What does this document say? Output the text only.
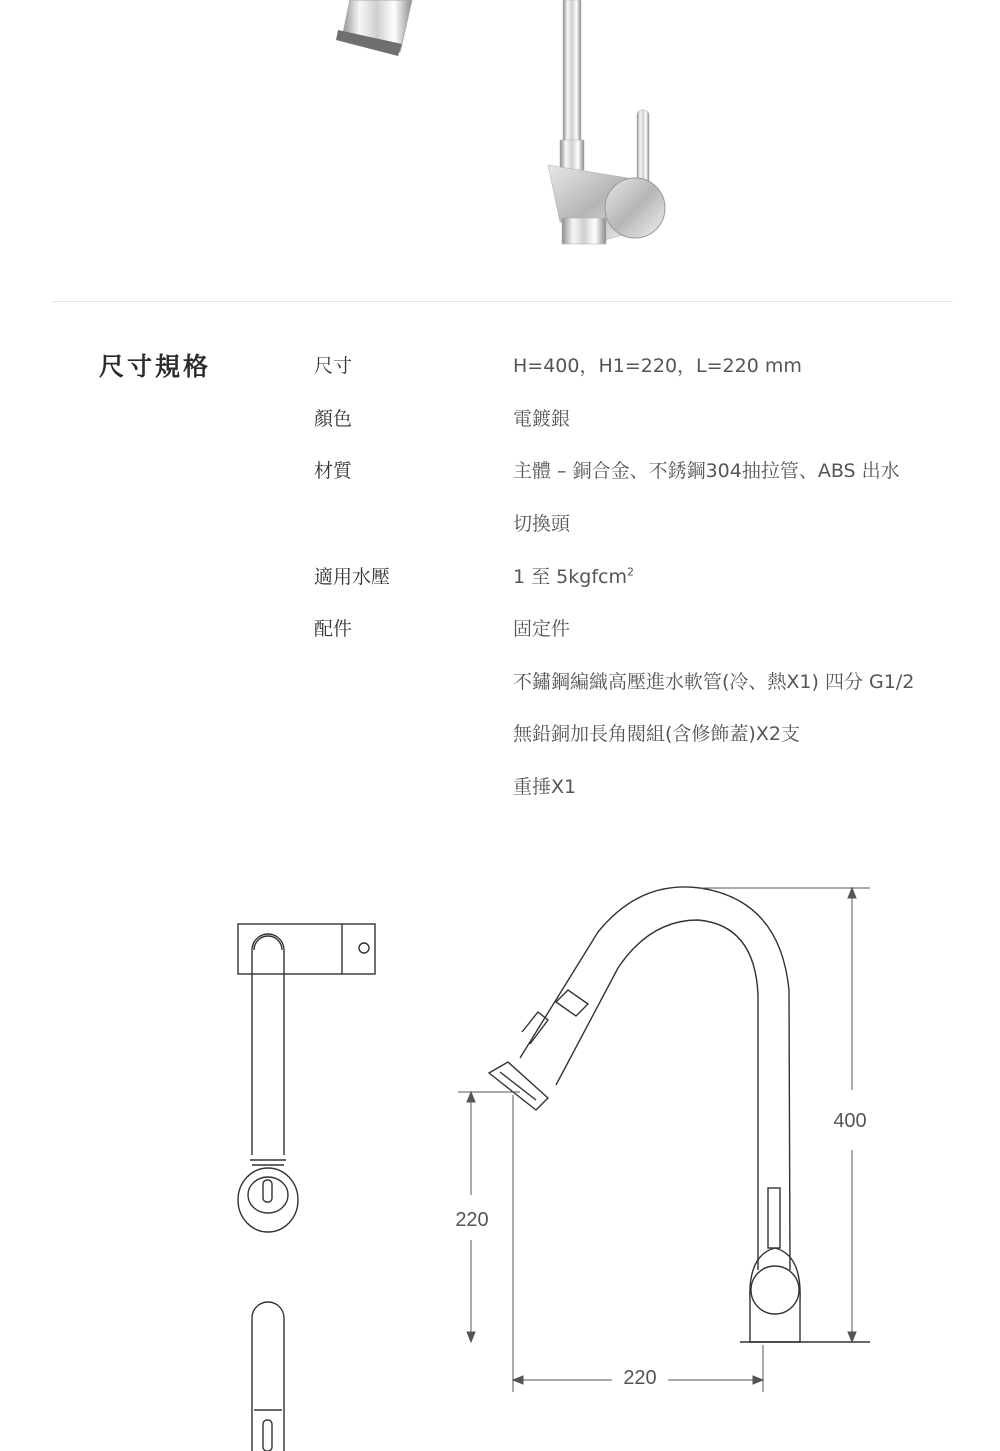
尺寸規格	尺寸	H=400，H1=220，L=220 mm
顏色	電鍍銀
材質	主體 – 銅合金、不銹鋼304抽拉管、ABS 出水
切換頭
適用水壓	1 至 5kgfcm$^2$
配件	固定件
不鏽鋼編織高壓進水軟管(冷、熱X1) 四分 G1/2
無鉛銅加長角閥組(含修飾蓋)X2支
重捶X1
400
220
220
